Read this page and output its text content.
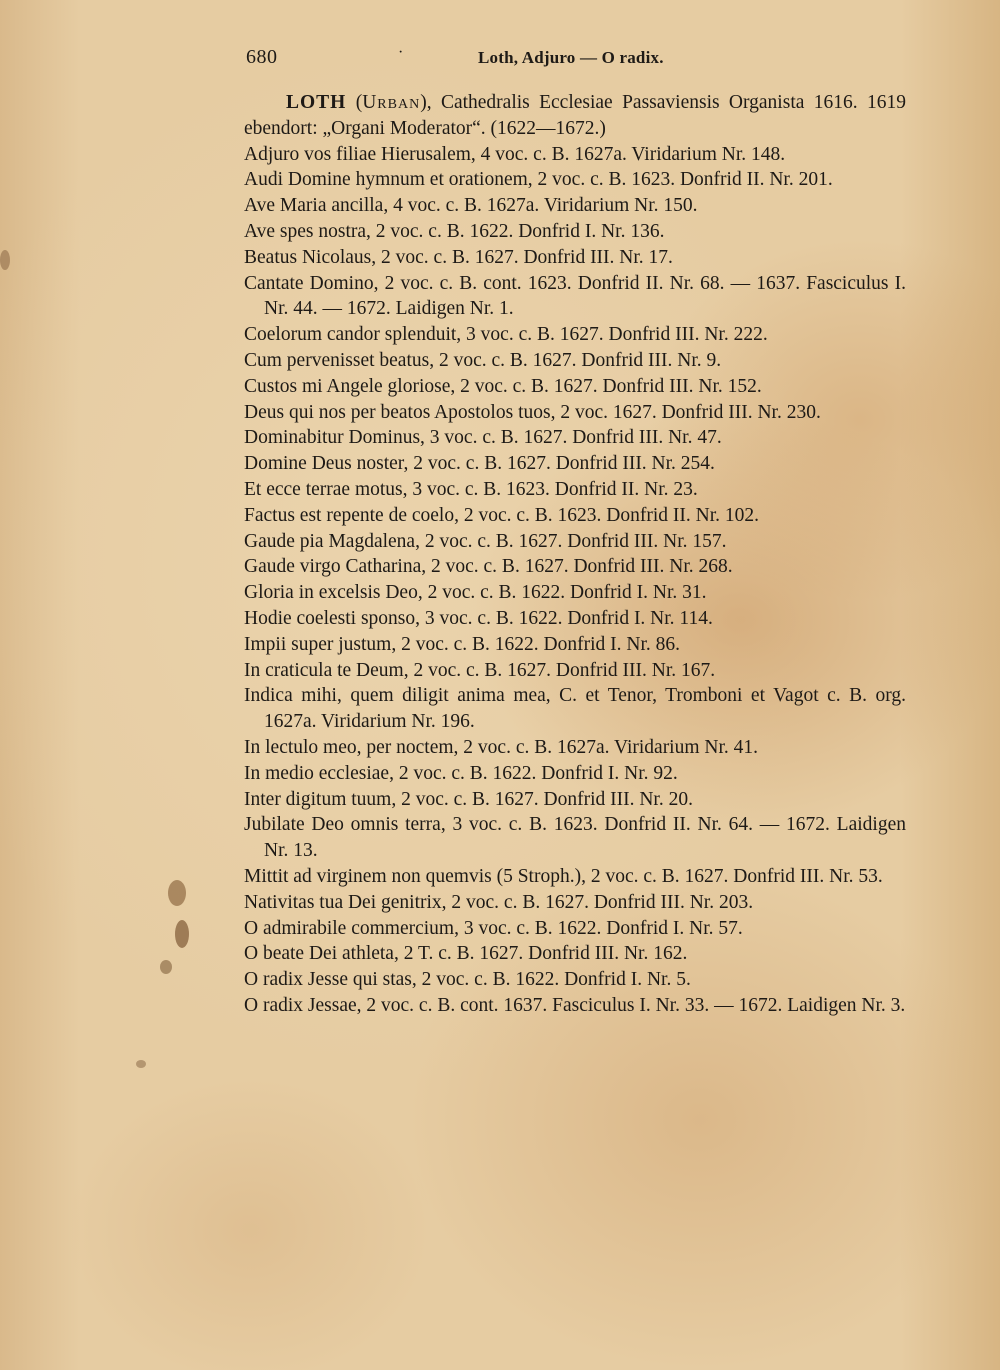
680	·	Loth, Adjuro — O radix.

LOTH (Urban), Cathedralis Ecclesiae Passaviensis Organista 1616. 1619 ebendort: „Organi Moderator“. (1622—1672.)

Adjuro vos filiae Hierusalem, 4 voc. c. B. 1627a. Viridarium Nr. 148.

Audi Domine hymnum et orationem, 2 voc. c. B. 1623. Donfrid II. Nr. 201.

Ave Maria ancilla, 4 voc. c. B. 1627a. Viridarium Nr. 150.

Ave spes nostra, 2 voc. c. B. 1622. Donfrid I. Nr. 136.

Beatus Nicolaus, 2 voc. c. B. 1627. Donfrid III. Nr. 17.

Cantate Domino, 2 voc. c. B. cont. 1623. Donfrid II. Nr. 68. — 1637. Fasciculus I. Nr. 44. — 1672. Laidigen Nr. 1.

Coelorum candor splenduit, 3 voc. c. B. 1627. Donfrid III. Nr. 222.

Cum pervenisset beatus, 2 voc. c. B. 1627. Donfrid III. Nr. 9.

Custos mi Angele gloriose, 2 voc. c. B. 1627. Donfrid III. Nr. 152.

Deus qui nos per beatos Apostolos tuos, 2 voc. 1627. Donfrid III. Nr. 230.

Dominabitur Dominus, 3 voc. c. B. 1627. Donfrid III. Nr. 47.

Domine Deus noster, 2 voc. c. B. 1627. Donfrid III. Nr. 254.

Et ecce terrae motus, 3 voc. c. B. 1623. Donfrid II. Nr. 23.

Factus est repente de coelo, 2 voc. c. B. 1623. Donfrid II. Nr. 102.

Gaude pia Magdalena, 2 voc. c. B. 1627. Donfrid III. Nr. 157.

Gaude virgo Catharina, 2 voc. c. B. 1627. Donfrid III. Nr. 268.

Gloria in excelsis Deo, 2 voc. c. B. 1622. Donfrid I. Nr. 31.

Hodie coelesti sponso, 3 voc. c. B. 1622. Donfrid I. Nr. 114.

Impii super justum, 2 voc. c. B. 1622. Donfrid I. Nr. 86.

In craticula te Deum, 2 voc. c. B. 1627. Donfrid III. Nr. 167.

Indica mihi, quem diligit anima mea, C. et Tenor, Tromboni et Vagot c. B. org. 1627a. Viridarium Nr. 196.

In lectulo meo, per noctem, 2 voc. c. B. 1627a. Viridarium Nr. 41.

In medio ecclesiae, 2 voc. c. B. 1622. Donfrid I. Nr. 92.

Inter digitum tuum, 2 voc. c. B. 1627. Donfrid III. Nr. 20.

Jubilate Deo omnis terra, 3 voc. c. B. 1623. Donfrid II. Nr. 64. — 1672. Laidigen Nr. 13.

Mittit ad virginem non quemvis (5 Stroph.), 2 voc. c. B. 1627. Donfrid III. Nr. 53.

Nativitas tua Dei genitrix, 2 voc. c. B. 1627. Donfrid III. Nr. 203.

O admirabile commercium, 3 voc. c. B. 1622. Donfrid I. Nr. 57.

O beate Dei athleta, 2 T. c. B. 1627. Donfrid III. Nr. 162.

O radix Jesse qui stas, 2 voc. c. B. 1622. Donfrid I. Nr. 5.

O radix Jessae, 2 voc. c. B. cont. 1637. Fasciculus I. Nr. 33. — 1672. Laidigen Nr. 3.
